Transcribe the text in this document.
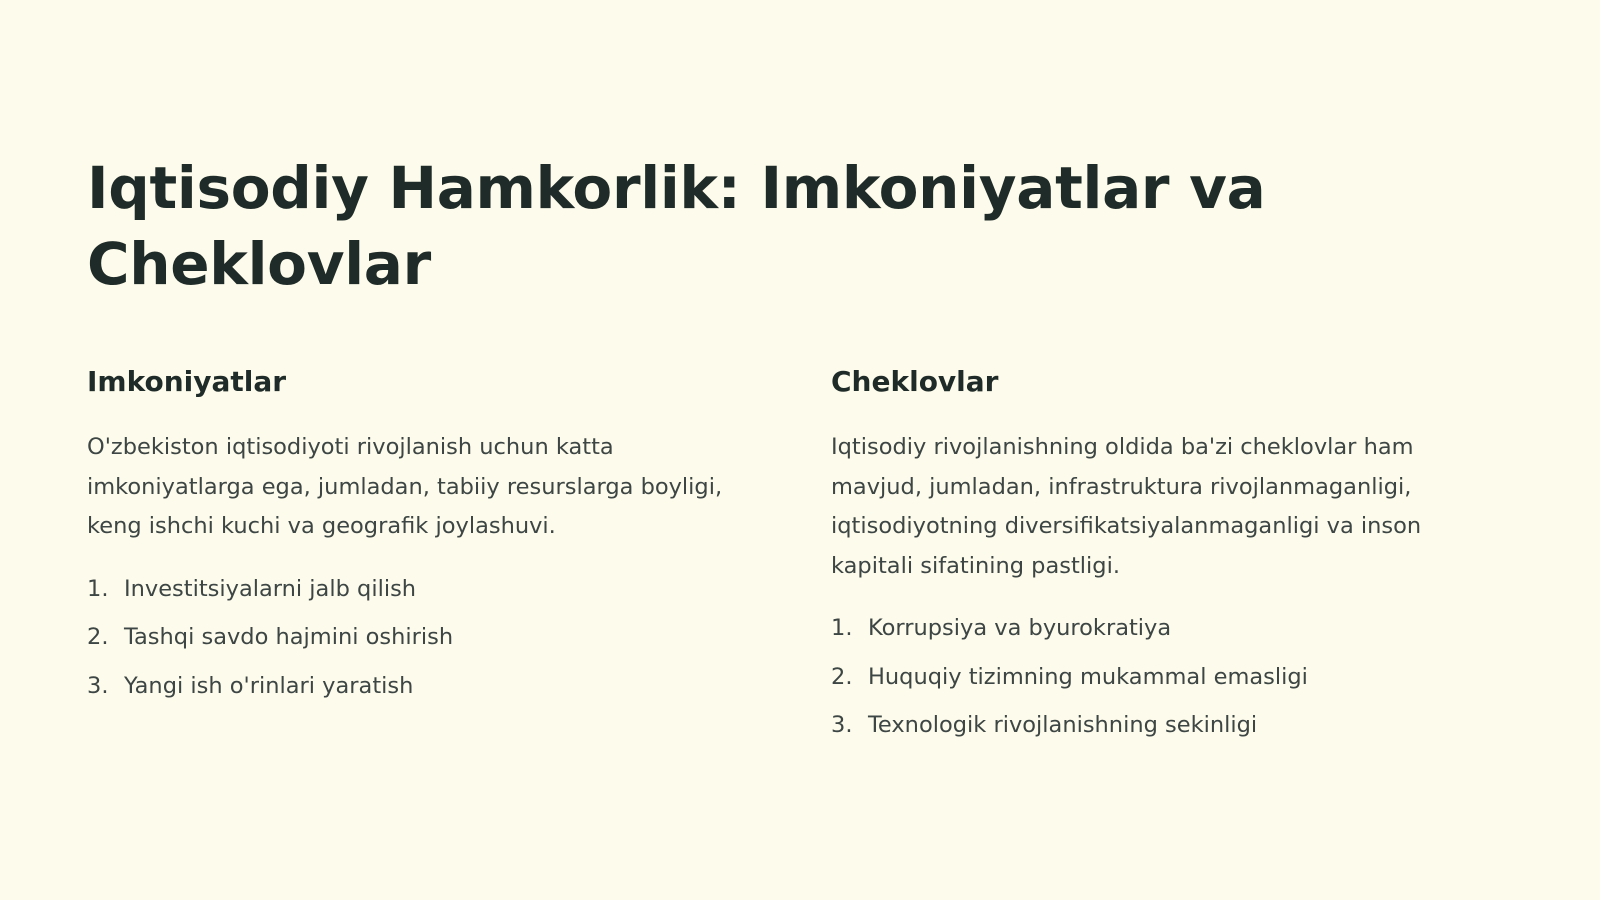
Iqtisodiy Hamkorlik: Imkoniyatlar va Cheklovlar
Imkoniyatlar

O'zbekiston iqtisodiyoti rivojlanish uchun katta imkoniyatlarga ega, jumladan, tabiiy resurslarga boyligi, keng ishchi kuchi va geografik joylashuvi.

1. Investitsiyalarni jalb qilish
2. Tashqi savdo hajmini oshirish
3. Yangi ish o'rinlari yaratish
Cheklovlar

Iqtisodiy rivojlanishning oldida ba'zi cheklovlar ham mavjud, jumladan, infrastruktura rivojlanmaganligi, iqtisodiyotning diversifikatsiyalanmaganligi va inson kapitali sifatining pastligi.

1. Korrupsiya va byurokratiya
2. Huquqiy tizimning mukammal emasligi
3. Texnologik rivojlanishning sekinligi
